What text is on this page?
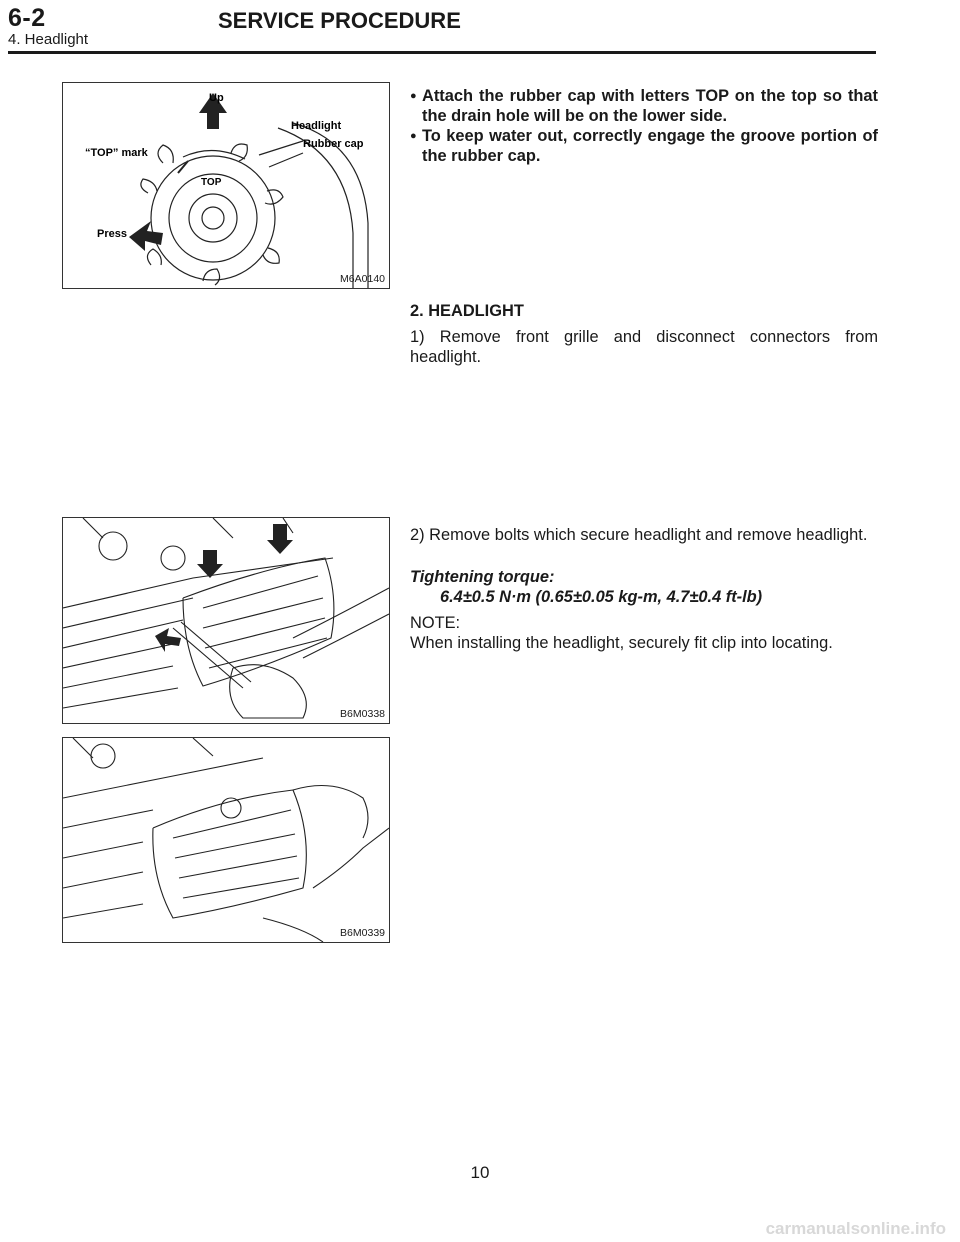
6-2	SERVICE PROCEDURE
4. Headlight
Up
Headlight
Rubber cap
“TOP” mark
TOP
Press
M6A0140
B6M0338
B6M0339
● Attach the rubber cap with letters TOP on the top so that the drain hole will be on the lower side.
● To keep water out, correctly engage the groove portion of the rubber cap.
2. HEADLIGHT
1) Remove front grille and disconnect connectors from headlight.
2) Remove bolts which secure headlight and remove headlight.
Tightening torque:
6.4±0.5 N·m (0.65±0.05 kg-m, 4.7±0.4 ft-lb)
NOTE:
When installing the headlight, securely fit clip into locating.
10
carmanualsonline.info
